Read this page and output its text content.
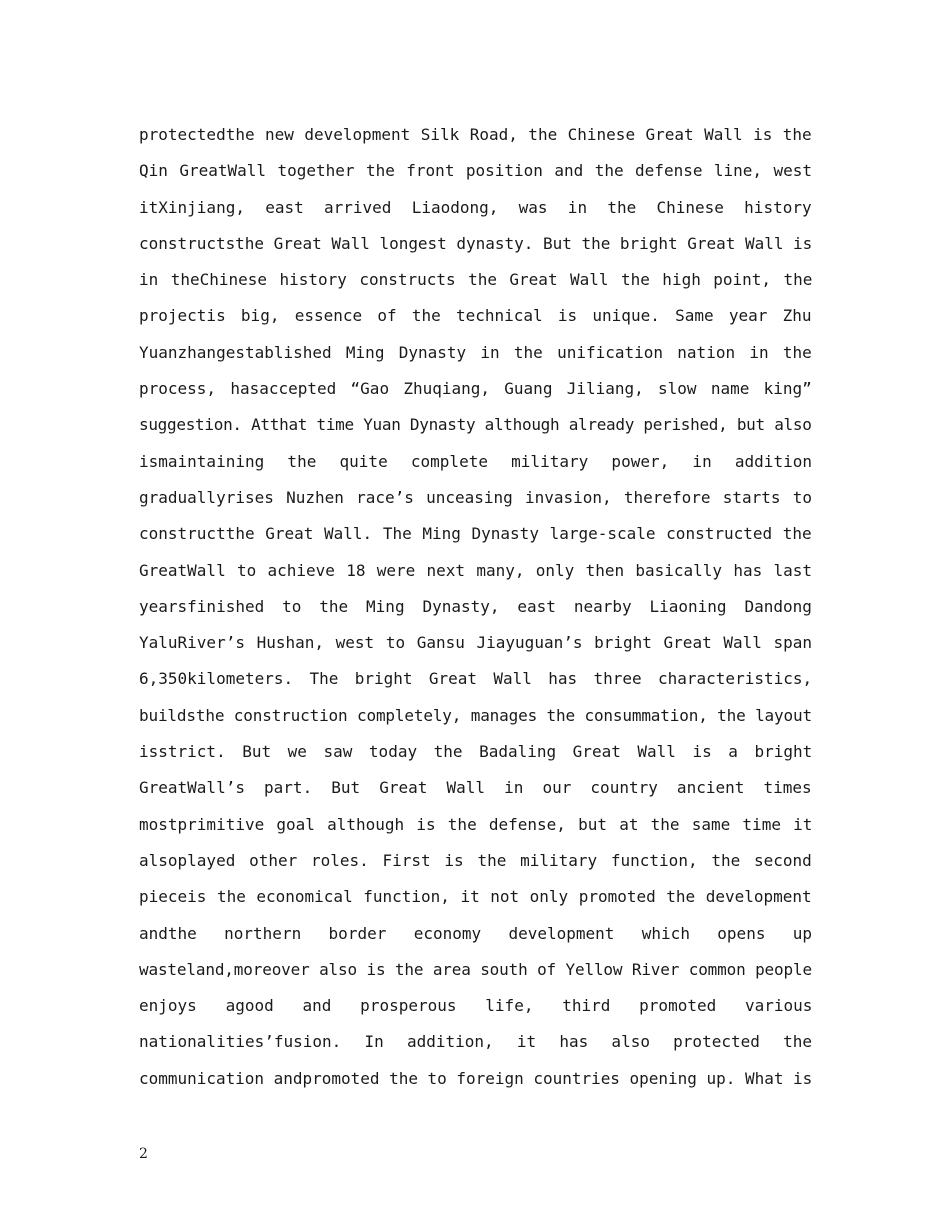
protectedthe new development Silk Road, the Chinese Great Wall is the
Qin GreatWall together the front position and the defense line, west
itXinjiang, east arrived Liaodong, was in the Chinese history
constructsthe Great Wall longest dynasty. But the bright Great Wall is
in theChinese history constructs the Great Wall the high point, the
projectis big, essence of the technical is unique. Same year Zhu
Yuanzhangestablished Ming Dynasty in the unification nation in the
process, hasaccepted “Gao Zhuqiang, Guang Jiliang, slow name king”
suggestion. Atthat time Yuan Dynasty although already perished, but also
ismaintaining the quite complete military power, in addition
graduallyrises Nuzhen race’s unceasing invasion, therefore starts to
constructthe Great Wall. The Ming Dynasty large-scale constructed the
GreatWall to achieve 18 were next many, only then basically has last
yearsfinished to the Ming Dynasty, east nearby Liaoning Dandong
YaluRiver’s Hushan, west to Gansu Jiayuguan’s bright Great Wall span
6,350kilometers. The bright Great Wall has three characteristics,
buildsthe construction completely, manages the consummation, the layout
isstrict. But we saw today the Badaling Great Wall is a bright
GreatWall’s part. But Great Wall in our country ancient times
mostprimitive goal although is the defense, but at the same time it
alsoplayed other roles. First is the military function, the second
pieceis the economical function, it not only promoted the development
andthe northern border economy development which opens up
wasteland,moreover also is the area south of Yellow River common people
enjoys agood and prosperous life, third promoted various
nationalities’fusion. In addition, it has also protected the
communication andpromoted the to foreign countries opening up. What is
2
